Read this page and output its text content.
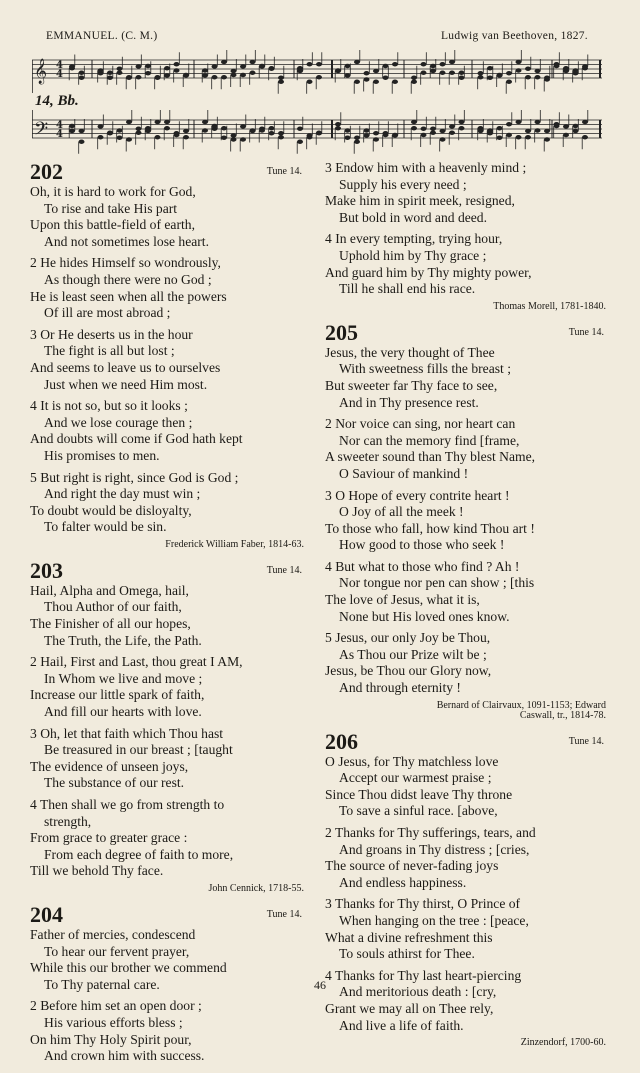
EMMANUEL. (C. M.)	Ludwig van Beethoven, 1827.
𝄞 4
4
𝄢 4
4
14, Bb.
202	Tune 14.
Oh, it is hard to work for God,
To rise and take His part
Upon this battle-field of earth,
And not sometimes lose heart.
2 He hides Himself so wondrously,
As though there were no God ;
He is least seen when all the powers
Of ill are most abroad ;
3 Or He deserts us in the hour
The fight is all but lost ;
And seems to leave us to ourselves
Just when we need Him most.
4 It is not so, but so it looks ;
And we lose courage then ;
And doubts will come if God hath kept
His promises to men.
5 But right is right, since God is God ;
And right the day must win ;
To doubt would be disloyalty,
To falter would be sin.
Frederick William Faber, 1814-63.
203	Tune 14.
Hail, Alpha and Omega, hail,
Thou Author of our faith,
The Finisher of all our hopes,
The Truth, the Life, the Path.
2 Hail, First and Last, thou great I AM,
In Whom we live and move ;
Increase our little spark of faith,
And fill our hearts with love.
3 Oh, let that faith which Thou hast
Be treasured in our breast ; [taught
The evidence of unseen joys,
The substance of our rest.
4 Then shall we go from strength to
strength,
From grace to greater grace :
From each degree of faith to more,
Till we behold Thy face.
John Cennick, 1718-55.
204	Tune 14.
Father of mercies, condescend
To hear our fervent prayer,
While this our brother we commend
To Thy paternal care.
2 Before him set an open door ;
His various efforts bless ;
On him Thy Holy Spirit pour,
And crown him with success.
3 Endow him with a heavenly mind ;
Supply his every need ;
Make him in spirit meek, resigned,
But bold in word and deed.
4 In every tempting, trying hour,
Uphold him by Thy grace ;
And guard him by Thy mighty power,
Till he shall end his race.
Thomas Morell, 1781-1840.
205	Tune 14.
Jesus, the very thought of Thee
With sweetness fills the breast ;
But sweeter far Thy face to see,
And in Thy presence rest.
2 Nor voice can sing, nor heart can
Nor can the memory find [frame,
A sweeter sound than Thy blest Name,
O Saviour of mankind !
3 O Hope of every contrite heart !
O Joy of all the meek !
To those who fall, how kind Thou art !
How good to those who seek !
4 But what to those who find ? Ah !
Nor tongue nor pen can show ; [this
The love of Jesus, what it is,
None but His loved ones know.
5 Jesus, our only Joy be Thou,
As Thou our Prize wilt be ;
Jesus, be Thou our Glory now,
And through eternity !
Bernard of Clairvaux, 1091-1153; Edward
Caswall, tr., 1814-78.
206	Tune 14.
O Jesus, for Thy matchless love
Accept our warmest praise ;
Since Thou didst leave Thy throne
To save a sinful race. [above,
2 Thanks for Thy sufferings, tears, and
And groans in Thy distress ; [cries,
The source of never-fading joys
And endless happiness.
3 Thanks for Thy thirst, O Prince of
When hanging on the tree : [peace,
What a divine refreshment this
To souls athirst for Thee.
4 Thanks for Thy last heart-piercing
And meritorious death : [cry,
Grant we may all on Thee rely,
And live a life of faith.
Zinzendorf, 1700-60.
46
